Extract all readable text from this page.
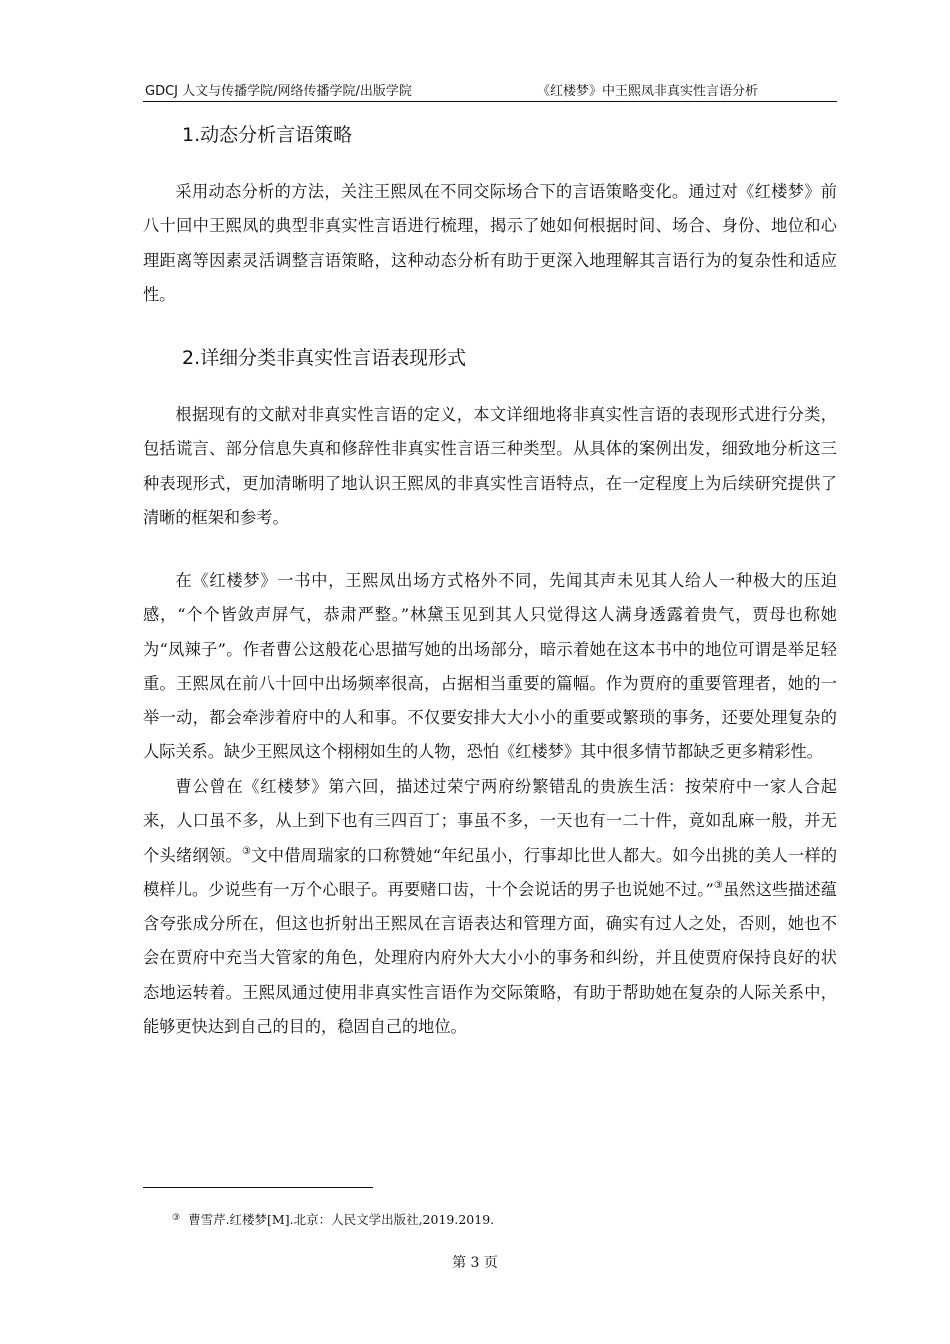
GDCJ 人文与传播学院/网络传播学院/出版学院	《红楼梦》中王熙凤非真实性言语分析
1.动态分析言语策略

采用动态分析的方法，关注王熙凤在不同交际场合下的言语策略变化。通过对《红楼梦》前八十回中王熙凤的典型非真实性言语进行梳理，揭示了她如何根据时间、场合、身份、地位和心理距离等因素灵活调整言语策略，这种动态分析有助于更深入地理解其言语行为的复杂性和适应性。

2.详细分类非真实性言语表现形式

根据现有的文献对非真实性言语的定义，本文详细地将非真实性言语的表现形式进行分类，包括谎言、部分信息失真和修辞性非真实性言语三种类型。从具体的案例出发，细致地分析这三种表现形式，更加清晰明了地认识王熙凤的非真实性言语特点，在一定程度上为后续研究提供了清晰的框架和参考。

在《红楼梦》一书中，王熙凤出场方式格外不同，先闻其声未见其人给人一种极大的压迫感，“个个皆敛声屏气，恭肃严整。”林黛玉见到其人只觉得这人满身透露着贵气，贾母也称她为“凤辣子”。作者曹公这般花心思描写她的出场部分，暗示着她在这本书中的地位可谓是举足轻重。王熙凤在前八十回中出场频率很高，占据相当重要的篇幅。作为贾府的重要管理者，她的一举一动，都会牵涉着府中的人和事。不仅要安排大大小小的重要或繁琐的事务，还要处理复杂的人际关系。缺少王熙凤这个栩栩如生的人物，恐怕《红楼梦》其中很多情节都缺乏更多精彩性。

曹公曾在《红楼梦》第六回，描述过荣宁两府纷繁错乱的贵族生活：按荣府中一家人合起来，人口虽不多，从上到下也有三四百丁；事虽不多，一天也有一二十件，竟如乱麻一般，并无个头绪纲领。③文中借周瑞家的口称赞她“年纪虽小，行事却比世人都大。如今出挑的美人一样的模样儿。少说些有一万个心眼子。再要赌口齿，十个会说话的男子也说她不过。”③虽然这些描述蕴含夸张成分所在，但这也折射出王熙凤在言语表达和管理方面，确实有过人之处，否则，她也不会在贾府中充当大管家的角色，处理府内府外大大小小的事务和纠纷，并且使贾府保持良好的状态地运转着。王熙凤通过使用非真实性言语作为交际策略，有助于帮助她在复杂的人际关系中，能够更快达到自己的目的，稳固自己的地位。

③ 曹雪芹.红楼梦[M].北京：人民文学出版社,2019.2019.
第 3 页
